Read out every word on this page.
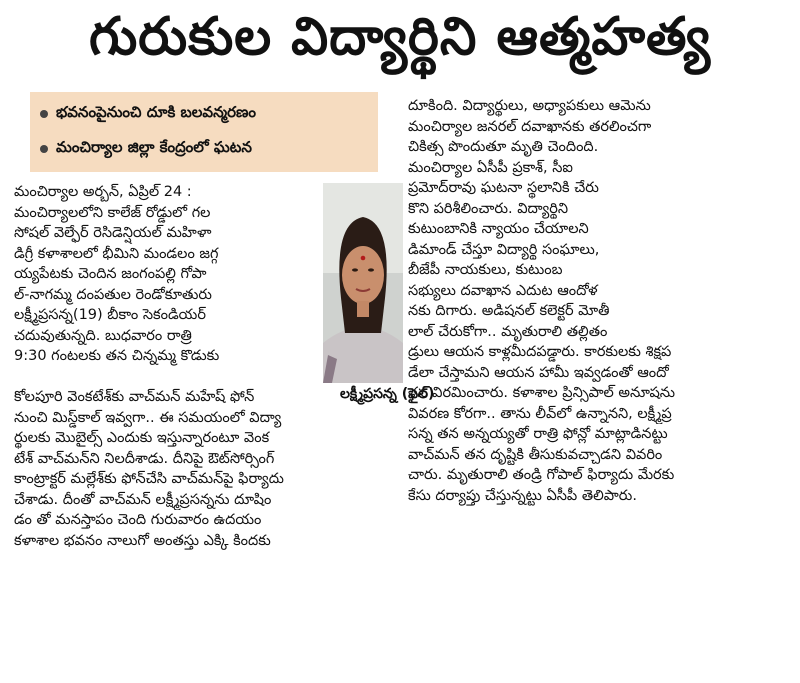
గురుకుల విద్యార్థిని ఆత్మహత్య
భవనంపైనుంచి దూకి బలవన్మరణం
మంచిర్యాల జిల్లా కేంద్రంలో ఘటన
మంచిర్యాల అర్బన్, ఏప్రిల్ 24 :
మంచిర్యాలలోని కాలేజ్ రోడ్డులో గల
సోషల్ వెల్ఫేర్ రెసిడెన్షియల్ మహిళా
డిగ్రీ కళాశాలలో భీమిని మండలం జగ్గ
య్యపేటకు చెందిన జంగంపల్లి గోపా
ల్-నాగమ్మ దంపతుల రెండోకూతురు
లక్ష్మీప్రసన్న(19) బీకాం సెకండియర్
చదువుతున్నది. బుధవారం రాత్రి
9:30 గంటలకు తన చిన్నమ్మ కొడుకు
లక్ష్మీప్రసన్న (ఫైల్)
కోలపూరి వెంకటేశ్‌కు వాచ్‌మన్ మహేష్ ఫోన్
నుంచి మిస్డ్‌కాల్ ఇవ్వగా.. ఈ సమయంలో విద్యా
ర్థులకు మొబైల్స్ ఎందుకు ఇస్తున్నారంటూ వెంక
టేశ్ వాచ్‌మన్‌ని నిలదీశాడు. దీనిపై ఔట్‌సోర్సింగ్
కాంట్రాక్టర్ మల్లేశ్‌కు ఫోన్‌చేసి వాచ్‌మన్‌పై ఫిర్యాదు
చేశాడు. దీంతో వాచ్‌మన్ లక్ష్మీప్రసన్నను దూషిం
డం తో మనస్తాపం చెంది గురువారం ఉదయం
కళాశాల భవనం నాలుగో అంతస్తు ఎక్కి కిందకు
దూకింది. విద్యార్థులు, అధ్యాపకులు ఆమెను
మంచిర్యాల జనరల్ దవాఖానకు తరలించగా
చికిత్స పొందుతూ మృతి చెందింది.
మంచిర్యాల ఏసీపీ ప్రకాశ్, సీఐ
ప్రమోద్‌రావు ఘటనా స్థలానికి చేరు
కొని పరిశీలించారు. విద్యార్థిని
కుటుంబానికి న్యాయం చేయాలని
డిమాండ్ చేస్తూ విద్యార్థి సంఘాలు,
బీజేపీ నాయకులు, కుటుంబ
సభ్యులు దవాఖాన ఎదుట ఆందోళ
నకు దిగారు. అడిషనల్ కలెక్టర్ మోతీ
లాల్ చేరుకోగా.. మృతురాలి తల్లితం
డ్రులు ఆయన కాళ్లమీదపడ్డారు. కారకులకు శిక్షప
డేలా చేస్తామని ఆయన హామీ ఇవ్వడంతో ఆందో
ళన విరమించారు. కళాశాల ప్రిన్సిపాల్ అనూషను
వివరణ కోరగా.. తాను లీవ్‌లో ఉన్నానని, లక్ష్మీప్ర
సన్న తన అన్నయ్యతో రాత్రి ఫోన్లో మాట్లాడినట్టు
వాచ్‌మన్ తన దృష్టికి తీసుకువచ్చాడని వివరిం
చారు. మృతురాలి తండ్రి గోపాల్ ఫిర్యాదు మేరకు
కేసు దర్యాప్తు చేస్తున్నట్టు ఏసీపీ తెలిపారు.
